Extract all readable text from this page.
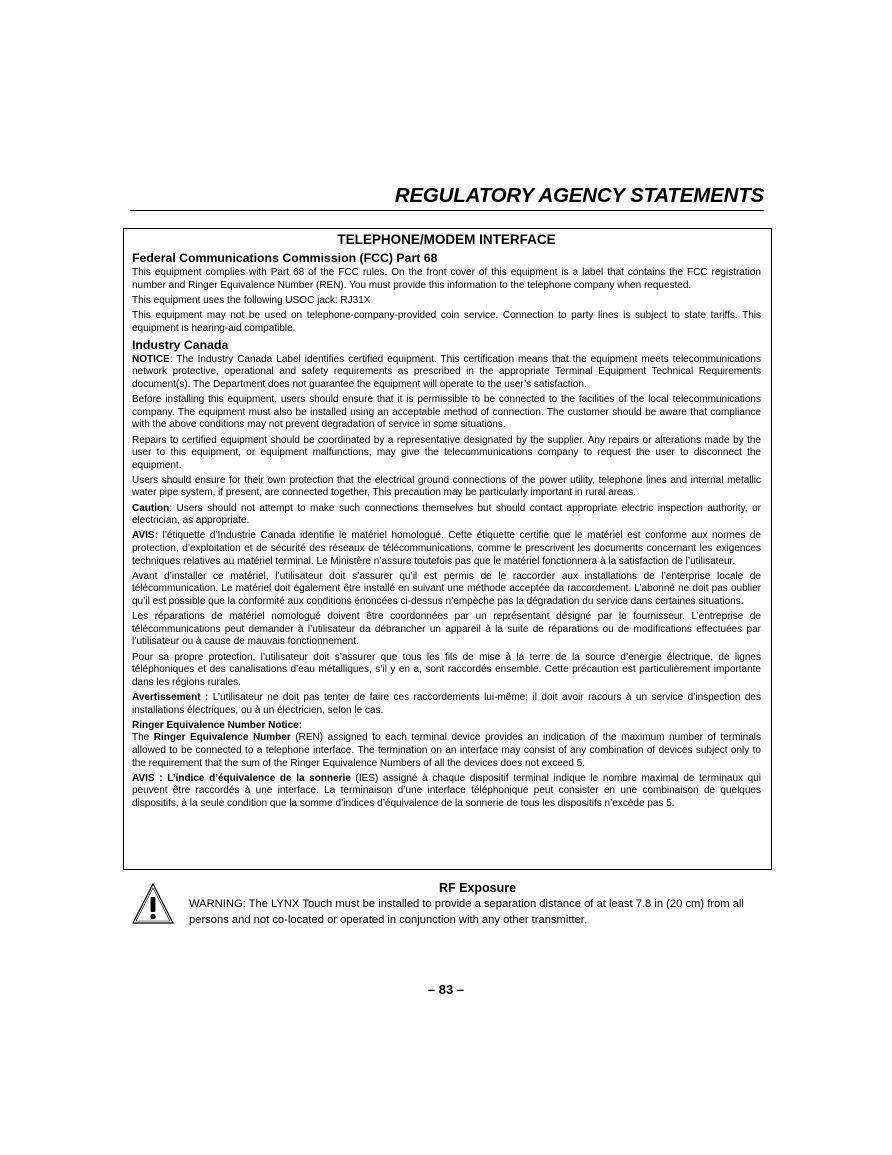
REGULATORY AGENCY STATEMENTS
TELEPHONE/MODEM INTERFACE
Federal Communications Commission (FCC) Part 68

This equipment complies with Part 68 of the FCC rules. On the front cover of this equipment is a label that contains the FCC registration number and Ringer Equivalence Number (REN). You must provide this information to the telephone company when requested.

This equipment uses the following USOC jack: RJ31X

This equipment may not be used on telephone-company-provided coin service. Connection to party lines is subject to state tariffs. This equipment is hearing-aid compatible.

Industry Canada

NOTICE: The Industry Canada Label identifies certified equipment. This certification means that the equipment meets telecommunications network protective, operational and safety requirements as prescribed in the appropriate Terminal Equipment Technical Requirements document(s). The Department does not guarantee the equipment will operate to the user’s satisfaction.

Before installing this equipment, users should ensure that it is permissible to be connected to the facilities of the local telecommunications company. The equipment must also be installed using an acceptable method of connection. The customer should be aware that compliance with the above conditions may not prevent degradation of service in some situations.

Repairs to certified equipment should be coordinated by a representative designated by the supplier. Any repairs or alterations made by the user to this equipment, or equipment malfunctions, may give the telecommunications company to request the user to disconnect the equipment.

Users should ensure for their own protection that the electrical ground connections of the power utility, telephone lines and internal metallic water pipe system, if present, are connected together, This precaution may be particularly important in rural areas.

Caution: Users should not attempt to make such connections themselves but should contact appropriate electric inspection authority, or electrician, as appropriate.

AVIS: l’étiquette d’Industrie Canada identifie le matériel homologué. Cette étiquette certifie que le matériel est conforme aux normes de protection, d’exploitation et de sécurité des réseaux de télécommunications, comme le prescrivent les documents concernant les exigences techniques relatives au matériel terminal. Le Ministère n’assure toutefois pas que le matériel fonctionnera à la satisfaction de l’utilisateur.

Avant d’installer ce matériel, l’utilisateur doit s’assurer qu’il est permis de le raccorder aux installations de l’enterprise locale de télécommunication. Le matériel doit également être installé en suivant une méthode acceptée da raccordement. L’abonné ne doit pas oublier qu’il est possible que la conformité aux conditions énoncées ci-dessus n’empèche pas la dégradation du service dans certaines situations.

Les réparations de matériel nomologué doivent être coordonnées par un représentant désigné par le fournisseur. L’entreprise de télécommunications peut demander à l’utilisateur da débrancher un appareil à la suite de réparations ou de modifications effectuées par l’utilisateur ou à cause de mauvais fonctionnement.

Pour sa propre protection, l’utilisateur doit s’assurer que tous les fils de mise à la terre de la source d’energie électrique, de lignes téléphoniques et des canalisations d’eau métalliques, s’il y en a, sont raccordés ensemble. Cette précaution est particulièrement importante dans les régions rurales.

Avertissement : L’utilisateur ne doit pas tenter de faire ces raccordements lui-même; il doit avoir racours à un service d’inspection des installations électriques, ou à un électricien, selon le cas.

Ringer Equivalence Number Notice:

The Ringer Equivalence Number (REN) assigned to each terminal device provides an indication of the maximum number of terminals allowed to be connected to a telephone interface. The termination on an interface may consist of any combination of devices subject only to the requirement that the sum of the Ringer Equivalence Numbers of all the devices does not exceed 5.

AVIS : L’indice d’équivalence de la sonnerie (IES) assigné à chaque dispositif terminal indique le nombre maximal de terminaux qui peuvent être raccordés à une interface. La terminaison d’une interface téléphonique peut consister en une combinaison de quelques dispositifs, à la seule condition que la somme d’indices d’équivalence de la sonnerie de tous les dispositifs n’excède pas 5.

RF Exposure
WARNING: The LYNX Touch must be installed to provide a separation distance of at least 7.8 in (20 cm) from all persons and not co-located or operated in conjunction with any other transmitter.
– 83 –
